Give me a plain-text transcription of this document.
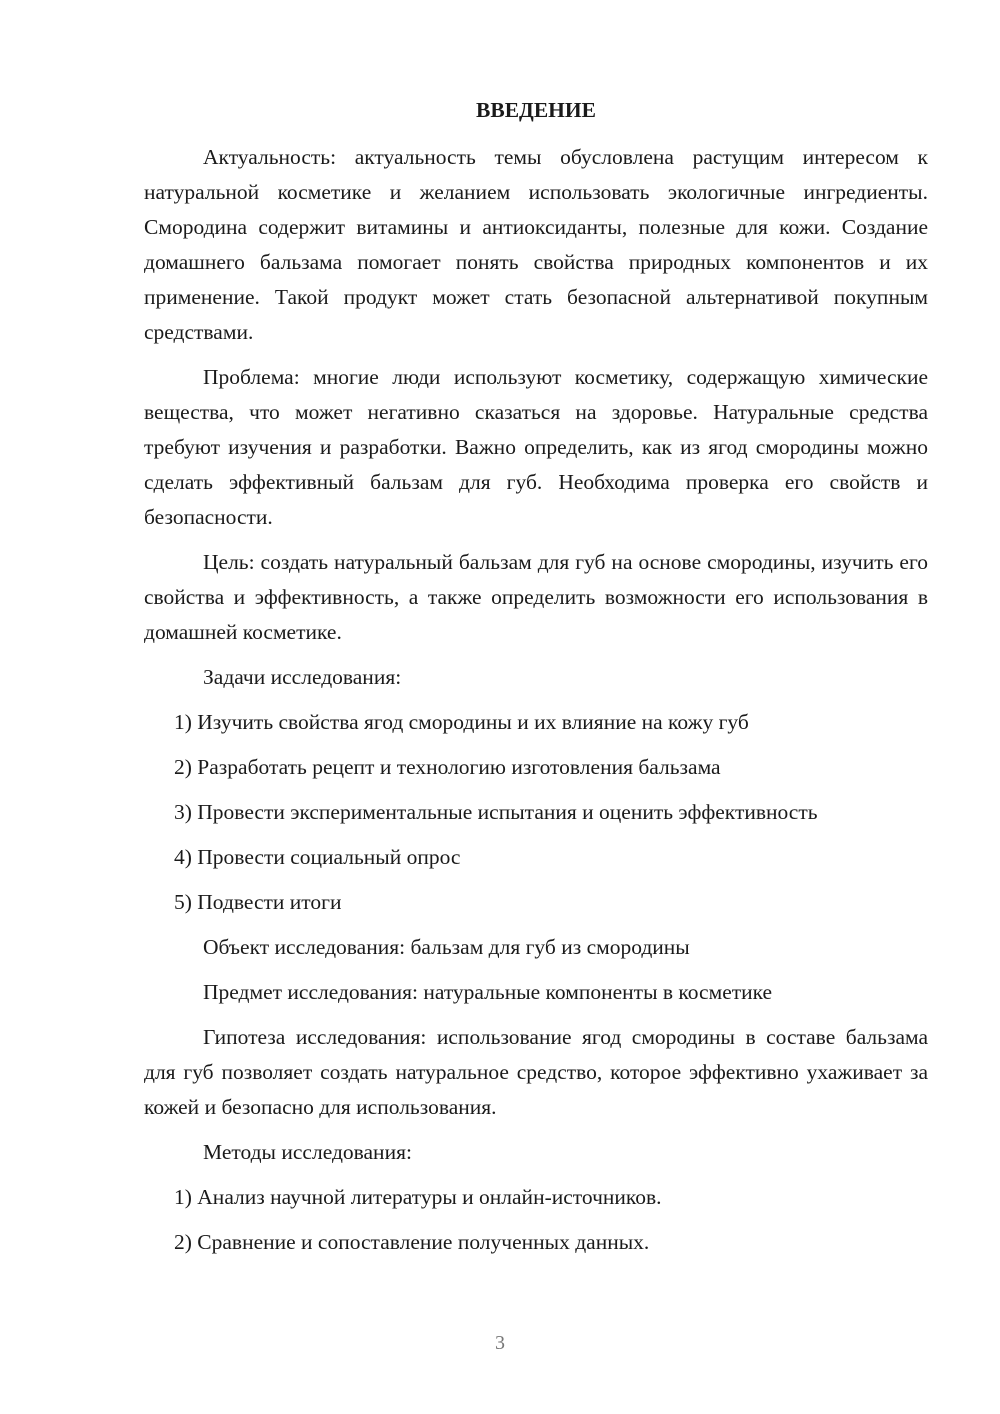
ВВЕДЕНИЕ

Актуальность: актуальность темы обусловлена растущим интересом к натуральной косметике и желанием использовать экологичные ингредиенты. Смородина содержит витамины и антиоксиданты, полезные для кожи. Создание домашнего бальзама помогает понять свойства природных компонентов и их применение. Такой продукт может стать безопасной альтернативой покупным средствами.

Проблема: многие люди используют косметику, содержащую химические вещества, что может негативно сказаться на здоровье. Натуральные средства требуют изучения и разработки. Важно определить, как из ягод смородины можно сделать эффективный бальзам для губ. Необходима проверка его свойств и безопасности.

Цель: создать натуральный бальзам для губ на основе смородины, изучить его свойства и эффективность, а также определить возможности его использования в домашней косметике.

Задачи исследования:

1) Изучить свойства ягод смородины и их влияние на кожу губ

2) Разработать рецепт и технологию изготовления бальзама

3) Провести экспериментальные испытания и оценить эффективность

4) Провести социальный опрос

5) Подвести итоги

Объект исследования: бальзам для губ из смородины

Предмет исследования: натуральные компоненты в косметике

Гипотеза исследования: использование ягод смородины в составе бальзама для губ позволяет создать натуральное средство, которое эффективно ухаживает за кожей и безопасно для использования.

Методы исследования:

1) Анализ научной литературы и онлайн-источников.

2) Сравнение и сопоставление полученных данных.

3
